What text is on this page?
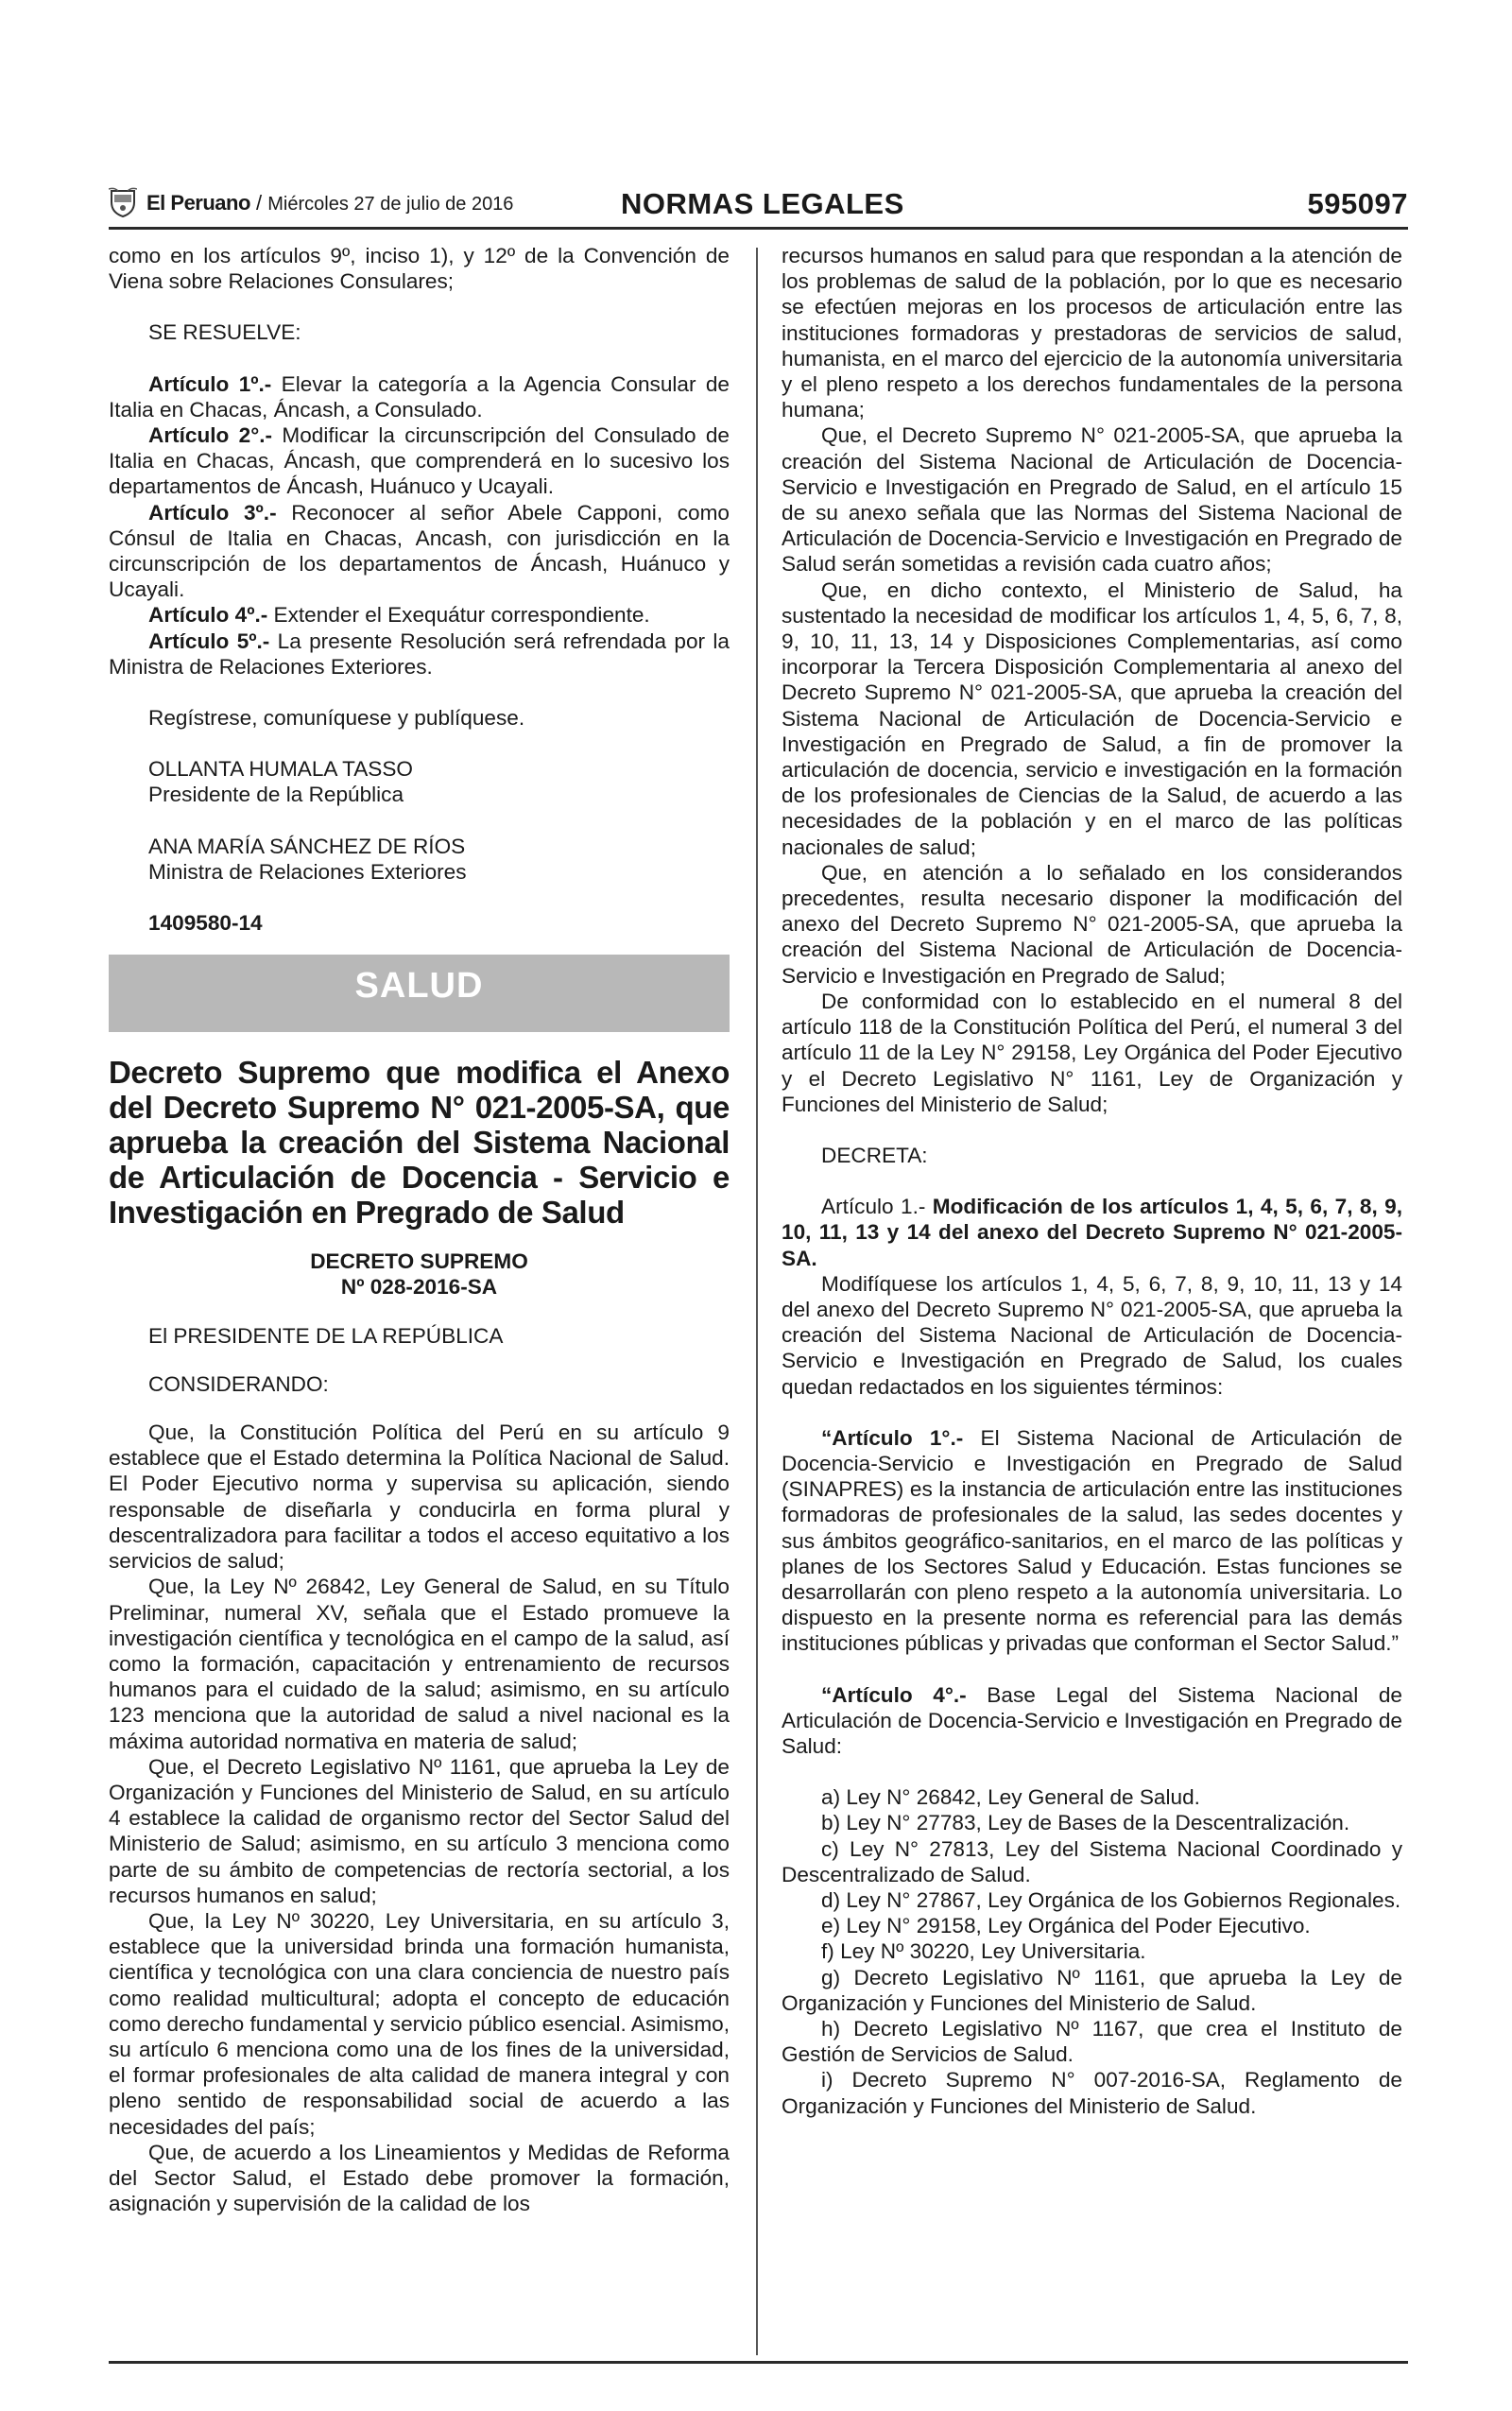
El Peruano / Miércoles 27 de julio de 2016	NORMAS LEGALES	595097

como en los artículos 9º, inciso 1), y 12º de la Convención de Viena sobre Relaciones Consulares;

SE RESUELVE:

Artículo 1º.- Elevar la categoría a la Agencia Consular de Italia en Chacas, Áncash, a Consulado.

Artículo 2°.- Modificar la circunscripción del Consulado de Italia en Chacas, Áncash, que comprenderá en lo sucesivo los departamentos de Áncash, Huánuco y Ucayali.

Artículo 3º.- Reconocer al señor Abele Capponi, como Cónsul de Italia en Chacas, Ancash, con jurisdicción en la circunscripción de los departamentos de Áncash, Huánuco y Ucayali.

Artículo 4º.- Extender el Exequátur correspondiente.

Artículo 5º.- La presente Resolución será refrendada por la Ministra de Relaciones Exteriores.

Regístrese, comuníquese y publíquese.

OLLANTA HUMALA TASSO

Presidente de la República

ANA MARÍA SÁNCHEZ DE RÍOS

Ministra de Relaciones Exteriores

1409580-14

SALUD
Decreto Supremo que modifica el Anexo del Decreto Supremo N° 021-2005-SA, que aprueba la creación del Sistema Nacional de Articulación de Docencia - Servicio e Investigación en Pregrado de Salud

DECRETO SUPREMO

Nº 028-2016-SA

El PRESIDENTE DE LA REPÚBLICA

CONSIDERANDO:

Que, la Constitución Política del Perú en su artículo 9 establece que el Estado determina la Política Nacional de Salud. El Poder Ejecutivo norma y supervisa su aplicación, siendo responsable de diseñarla y conducirla en forma plural y descentralizadora para facilitar a todos el acceso equitativo a los servicios de salud;

Que, la Ley Nº 26842, Ley General de Salud, en su Título Preliminar, numeral XV, señala que el Estado promueve la investigación científica y tecnológica en el campo de la salud, así como la formación, capacitación y entrenamiento de recursos humanos para el cuidado de la salud; asimismo, en su artículo 123 menciona que la autoridad de salud a nivel nacional es la máxima autoridad normativa en materia de salud;

Que, el Decreto Legislativo Nº 1161, que aprueba la Ley de Organización y Funciones del Ministerio de Salud, en su artículo 4 establece la calidad de organismo rector del Sector Salud del Ministerio de Salud; asimismo, en su artículo 3 menciona como parte de su ámbito de competencias de rectoría sectorial, a los recursos humanos en salud;

Que, la Ley Nº 30220, Ley Universitaria, en su artículo 3, establece que la universidad brinda una formación humanista, científica y tecnológica con una clara conciencia de nuestro país como realidad multicultural; adopta el concepto de educación como derecho fundamental y servicio público esencial. Asimismo, su artículo 6 menciona como una de los fines de la universidad, el formar profesionales de alta calidad de manera integral y con pleno sentido de responsabilidad social de acuerdo a las necesidades del país;

Que, de acuerdo a los Lineamientos y Medidas de Reforma del Sector Salud, el Estado debe promover la formación, asignación y supervisión de la calidad de los

recursos humanos en salud para que respondan a la atención de los problemas de salud de la población, por lo que es necesario se efectúen mejoras en los procesos de articulación entre las instituciones formadoras y prestadoras de servicios de salud, humanista, en el marco del ejercicio de la autonomía universitaria y el pleno respeto a los derechos fundamentales de la persona humana;

Que, el Decreto Supremo N° 021-2005-SA, que aprueba la creación del Sistema Nacional de Articulación de Docencia-Servicio e Investigación en Pregrado de Salud, en el artículo 15 de su anexo señala que las Normas del Sistema Nacional de Articulación de Docencia-Servicio e Investigación en Pregrado de Salud serán sometidas a revisión cada cuatro años;

Que, en dicho contexto, el Ministerio de Salud, ha sustentado la necesidad de modificar los artículos 1, 4, 5, 6, 7, 8, 9, 10, 11, 13, 14 y Disposiciones Complementarias, así como incorporar la Tercera Disposición Complementaria al anexo del Decreto Supremo N° 021-2005-SA, que aprueba la creación del Sistema Nacional de Articulación de Docencia-Servicio e Investigación en Pregrado de Salud, a fin de promover la articulación de docencia, servicio e investigación en la formación de los profesionales de Ciencias de la Salud, de acuerdo a las necesidades de la población y en el marco de las políticas nacionales de salud;

Que, en atención a lo señalado en los considerandos precedentes, resulta necesario disponer la modificación del anexo del Decreto Supremo N° 021-2005-SA, que aprueba la creación del Sistema Nacional de Articulación de Docencia-Servicio e Investigación en Pregrado de Salud;

De conformidad con lo establecido en el numeral 8 del artículo 118 de la Constitución Política del Perú, el numeral 3 del artículo 11 de la Ley N° 29158, Ley Orgánica del Poder Ejecutivo y el Decreto Legislativo N° 1161, Ley de Organización y Funciones del Ministerio de Salud;

DECRETA:

Artículo 1.- Modificación de los artículos 1, 4, 5, 6, 7, 8, 9, 10, 11, 13 y 14 del anexo del Decreto Supremo N° 021-2005-SA.

Modifíquese los artículos 1, 4, 5, 6, 7, 8, 9, 10, 11, 13 y 14 del anexo del Decreto Supremo N° 021-2005-SA, que aprueba la creación del Sistema Nacional de Articulación de Docencia-Servicio e Investigación en Pregrado de Salud, los cuales quedan redactados en los siguientes términos:

“Artículo 1°.- El Sistema Nacional de Articulación de Docencia-Servicio e Investigación en Pregrado de Salud (SINAPRES) es la instancia de articulación entre las instituciones formadoras de profesionales de la salud, las sedes docentes y sus ámbitos geográfico-sanitarios, en el marco de las políticas y planes de los Sectores Salud y Educación. Estas funciones se desarrollarán con pleno respeto a la autonomía universitaria. Lo dispuesto en la presente norma es referencial para las demás instituciones públicas y privadas que conforman el Sector Salud.”

“Artículo 4°.- Base Legal del Sistema Nacional de Articulación de Docencia-Servicio e Investigación en Pregrado de Salud:

a) Ley N° 26842, Ley General de Salud.

b) Ley N° 27783, Ley de Bases de la Descentralización.

c) Ley N° 27813, Ley del Sistema Nacional Coordinado y Descentralizado de Salud.

d) Ley N° 27867, Ley Orgánica de los Gobiernos Regionales.

e) Ley N° 29158, Ley Orgánica del Poder Ejecutivo.

f) Ley Nº 30220, Ley Universitaria.

g) Decreto Legislativo Nº 1161, que aprueba la Ley de Organización y Funciones del Ministerio de Salud.

h) Decreto Legislativo Nº 1167, que crea el Instituto de Gestión de Servicios de Salud.

i) Decreto Supremo N° 007-2016-SA, Reglamento de Organización y Funciones del Ministerio de Salud.
